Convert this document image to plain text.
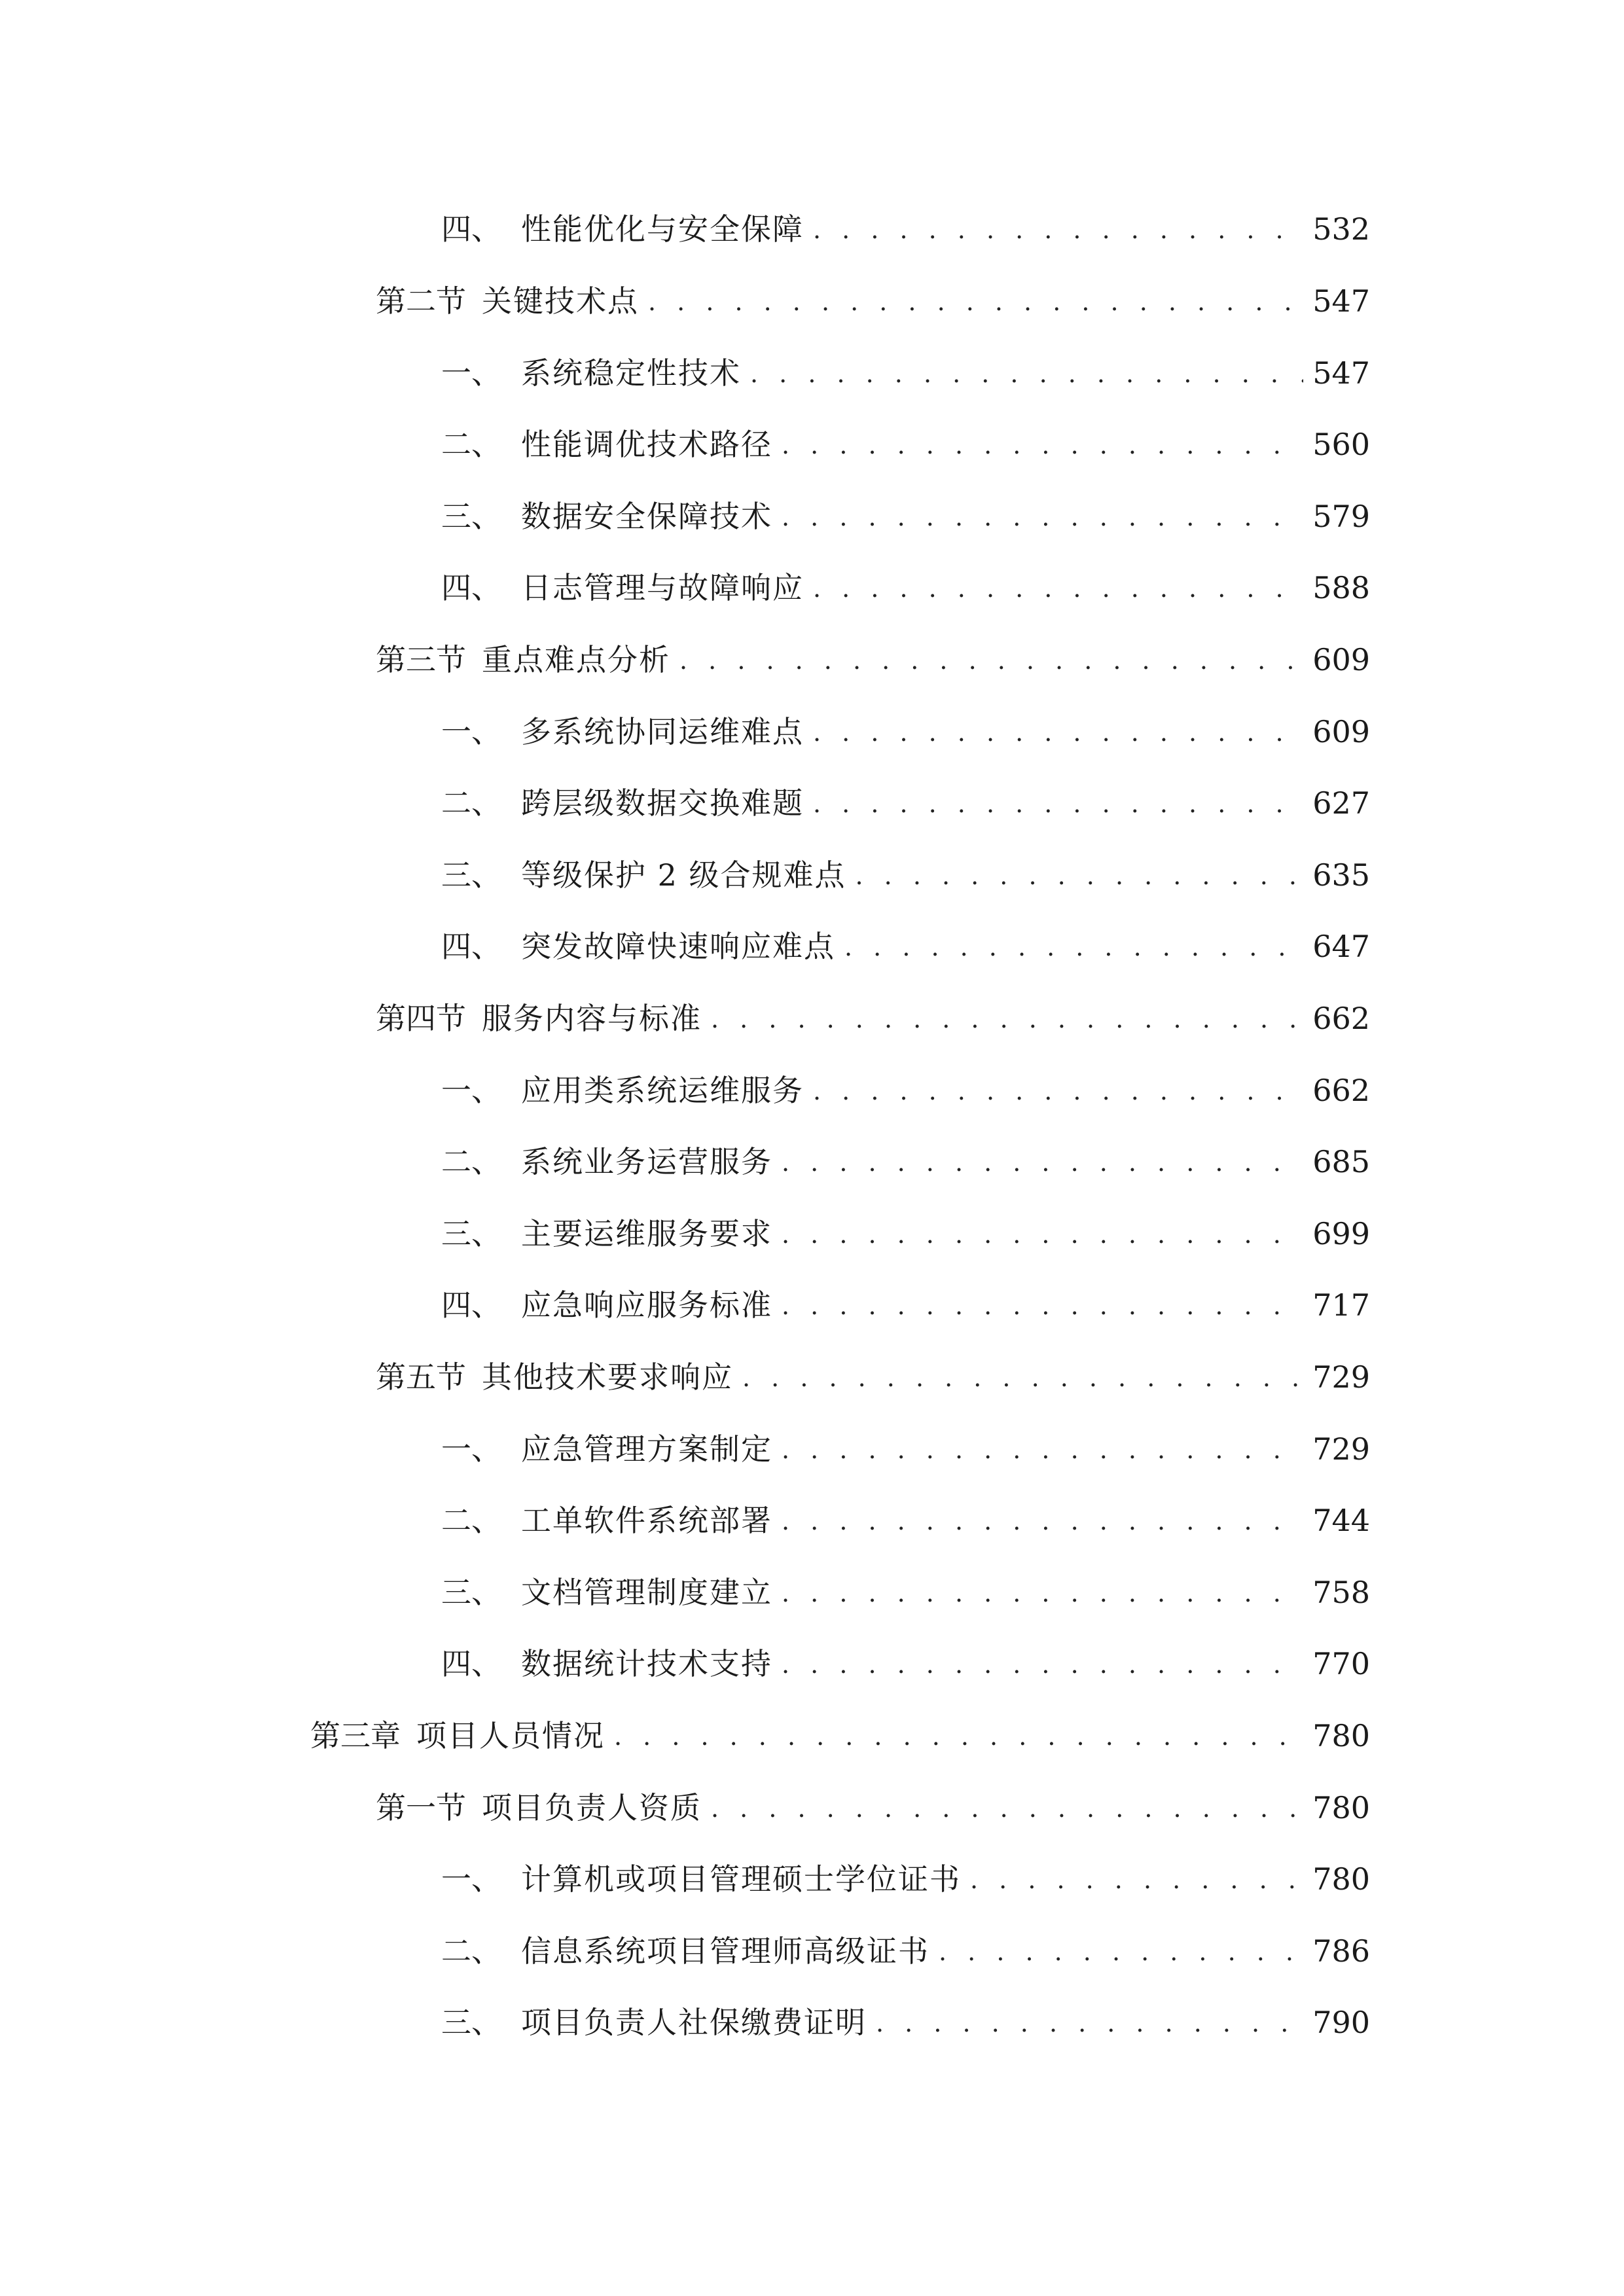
四、 性能优化与安全保障 . . .	532
第二节 关键技术点 . . .	547
一、 系统稳定性技术 . . .	547
二、 性能调优技术路径 . . .	560
三、 数据安全保障技术 . . .	579
四、 日志管理与故障响应 . . .	588
第三节 重点难点分析 . . .	609
一、 多系统协同运维难点 . . .	609
二、 跨层级数据交换难题 . . .	627
三、 等级保护 2 级合规难点 . . .	635
四、 突发故障快速响应难点 . . .	647
第四节 服务内容与标准 . . .	662
一、 应用类系统运维服务 . . .	662
二、 系统业务运营服务 . . .	685
三、 主要运维服务要求 . . .	699
四、 应急响应服务标准 . . .	717
第五节 其他技术要求响应 . . .	729
一、 应急管理方案制定 . . .	729
二、 工单软件系统部署 . . .	744
三、 文档管理制度建立 . . .	758
四、 数据统计技术支持 . . .	770
第三章 项目人员情况 . . .	780
第一节 项目负责人资质 . . .	780
一、 计算机或项目管理硕士学位证书 . . .	780
二、 信息系统项目管理师高级证书 . . .	786
三、 项目负责人社保缴费证明 . . .	790
